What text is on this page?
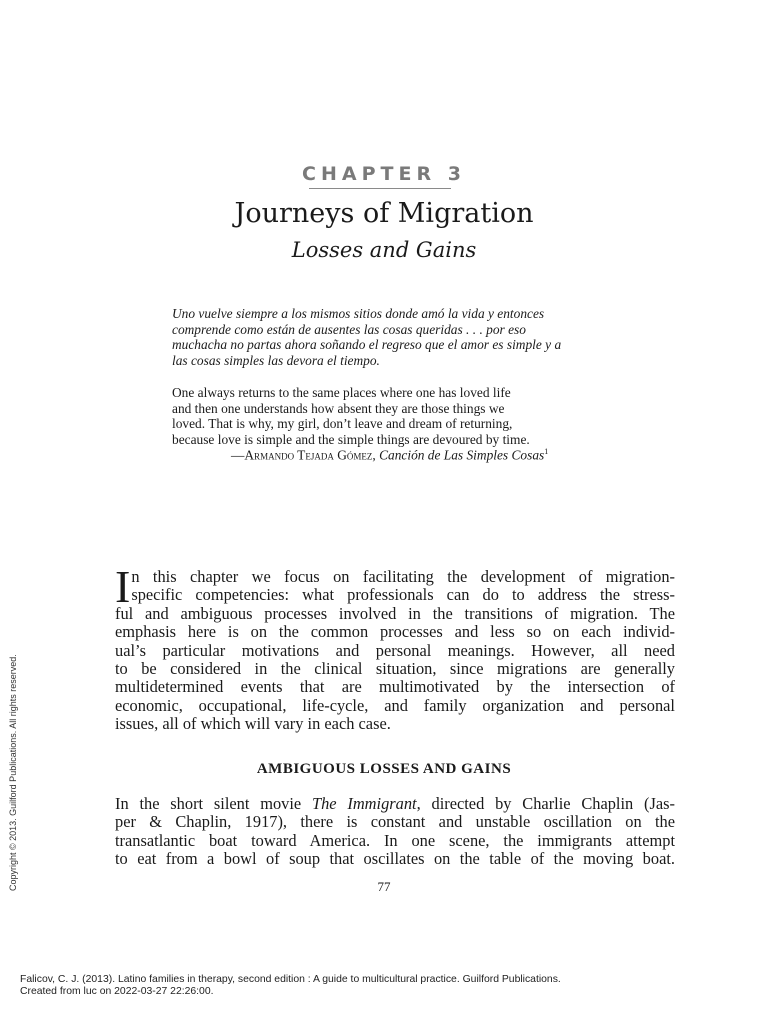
CHAPTER 3
Journeys of Migration
Losses and Gains
Uno vuelve siempre a los mismos sitios donde amó la vida y entonces
comprende como están de ausentes las cosas queridas . . . por eso
muchacha no partas ahora soñando el regreso que el amor es simple y a
las cosas simples las devora el tiempo.
One always returns to the same places where one has loved life
and then one understands how absent they are those things we
loved. That is why, my girl, don’t leave and dream of returning,
because love is simple and the simple things are devoured by time.
—Armando Tejada Gómez, Canción de Las Simples Cosas$^1$
I n this chapter we focus on facilitating the development of migration-
specific competencies: what professionals can do to address the stress-
ful and ambiguous processes involved in the transitions of migration. The
emphasis here is on the common processes and less so on each individ-
ual’s particular motivations and personal meanings. However, all need
to be considered in the clinical situation, since migrations are generally
multidetermined events that are multimotivated by the intersection of
economic, occupational, life-cycle, and family organization and personal
issues, all of which will vary in each case.
AMBIGUOUS LOSSES AND GAINS
In the short silent movie The Immigrant, directed by Charlie Chaplin (Jas-
per & Chaplin, 1917), there is constant and unstable oscillation on the
transatlantic boat toward America. In one scene, the immigrants attempt
to eat from a bowl of soup that oscillates on the table of the moving boat.
77
Copyright © 2013. Guilford Publications. All rights reserved.
Falicov, C. J. (2013). Latino families in therapy, second edition : A guide to multicultural practice. Guilford Publications.
Created from luc on 2022-03-27 22:26:00.
